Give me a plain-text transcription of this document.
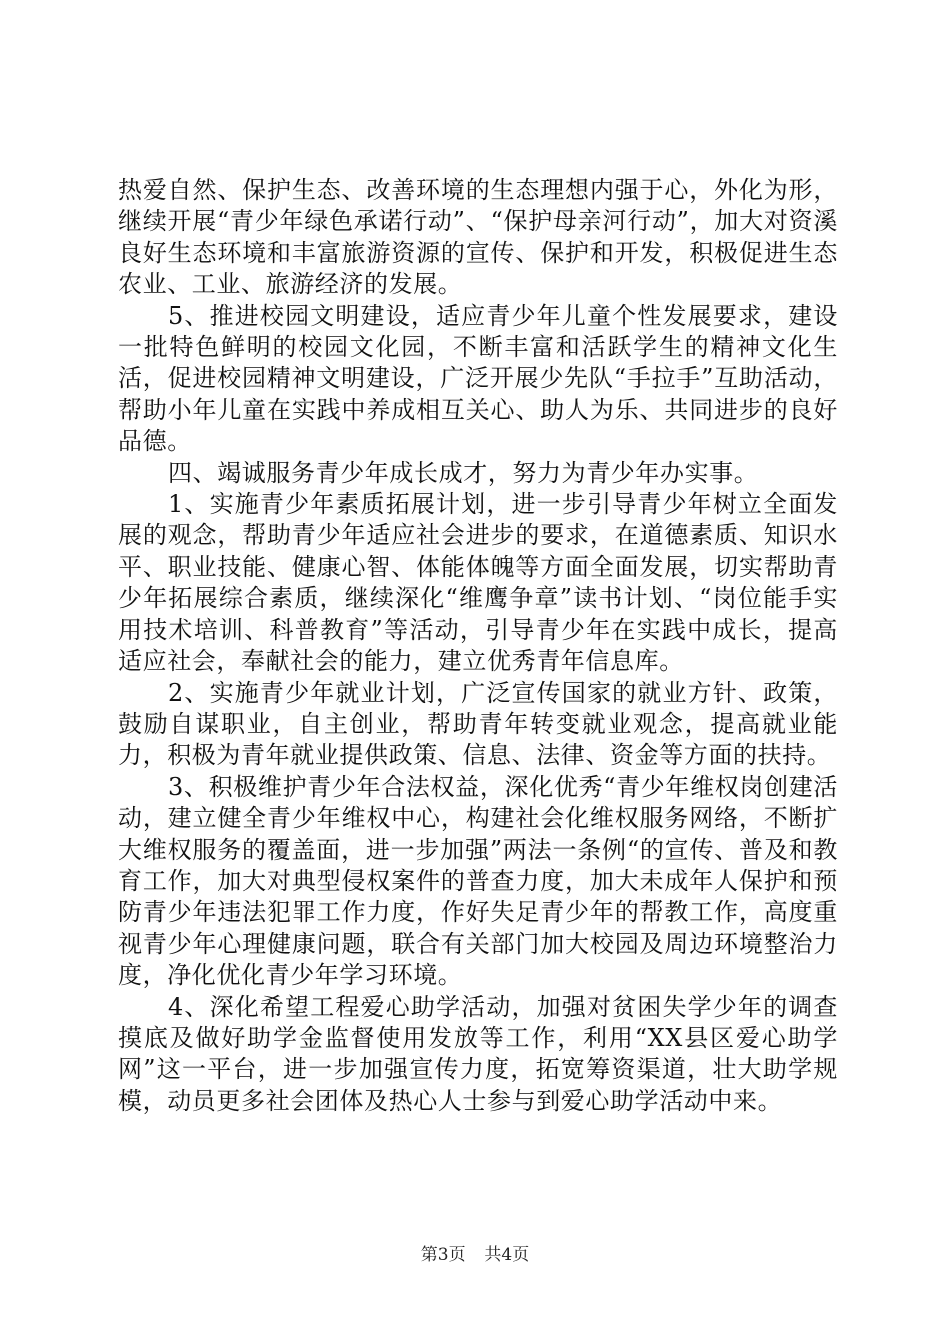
热爱自然、保护生态、改善环境的生态理想内强于心，外化为形，继续开展“青少年绿色承诺行动”、“保护母亲河行动”，加大对资溪良好生态环境和丰富旅游资源的宣传、保护和开发，积极促进生态农业、工业、旅游经济的发展。

5、推进校园文明建设，适应青少年儿童个性发展要求，建设一批特色鲜明的校园文化园，不断丰富和活跃学生的精神文化生活，促进校园精神文明建设，广泛开展少先队“手拉手”互助活动，帮助小年儿童在实践中养成相互关心、助人为乐、共同进步的良好品德。

四、竭诚服务青少年成长成才，努力为青少年办实事。

1、实施青少年素质拓展计划，进一步引导青少年树立全面发展的观念，帮助青少年适应社会进步的要求，在道德素质、知识水平、职业技能、健康心智、体能体魄等方面全面发展，切实帮助青少年拓展综合素质，继续深化“维鹰争章”读书计划、“岗位能手实用技术培训、科普教育”等活动，引导青少年在实践中成长，提高适应社会，奉献社会的能力，建立优秀青年信息库。

2、实施青少年就业计划，广泛宣传国家的就业方针、政策，鼓励自谋职业，自主创业，帮助青年转变就业观念，提高就业能力，积极为青年就业提供政策、信息、法律、资金等方面的扶持。

3、积极维护青少年合法权益，深化优秀“青少年维权岗创建活动，建立健全青少年维权中心，构建社会化维权服务网络，不断扩大维权服务的覆盖面，进一步加强”两法一条例“的宣传、普及和教育工作，加大对典型侵权案件的普查力度，加大未成年人保护和预防青少年违法犯罪工作力度，作好失足青少年的帮教工作，高度重视青少年心理健康问题，联合有关部门加大校园及周边环境整治力度，净化优化青少年学习环境。

4、深化希望工程爱心助学活动，加强对贫困失学少年的调查摸底及做好助学金监督使用发放等工作，利用“XX县区爱心助学网”这一平台，进一步加强宣传力度，拓宽筹资渠道，壮大助学规模，动员更多社会团体及热心人士参与到爱心助学活动中来。

第3页 共4页
